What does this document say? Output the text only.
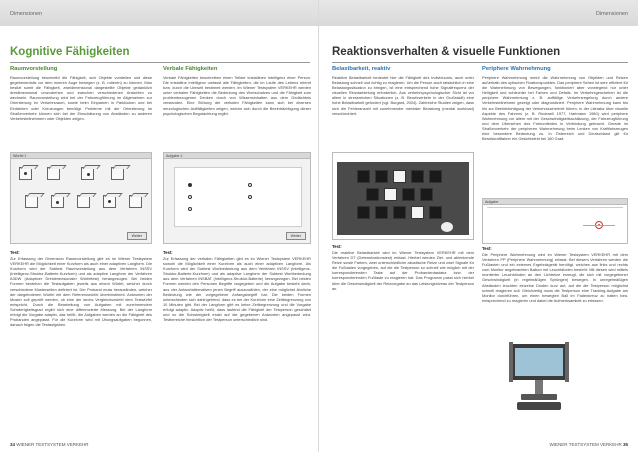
Dimensionen
Kognitive Fähigkeiten
Raumvorstellung
Raumvorstellung beschreibt die Fähigkeit, sich Objekte vorstellen und diese gegebenenfalls vor dem inneren Auge bewegen (z. B. rotieren) zu können. Man besitzt somit die Fähigkeit, zweidimensional dargestellte Objekte gedanklich dreidimensional umzudrehen und zwischen verschiedenen Ansichten zu wechseln. Raumvorstellung wird bei der Fahrzeugführung im Allgemeinen zur Orientierung im Verkehrsraum, sowie beim Einparken in Parklücken und bei Einfahrten oder Kreuzungen benötigt. Probleme mit der Orientierung im Straßenverkehr können sich bei der Einschätzung von Abständen zu anderen Verkehrsteilnehmern oder Objekten zeigen.
Verbale Fähigkeiten
Verbale Fähigkeiten beschreiben einen Teilder kristallinen Intelligenz einer Person. Die kristalline Intelligenz umfasst alle Fähigkeiten, die im Laufe des Lebens erlernt bzw. durch die Umwelt bestimmt werden. Im Wiener Testsystem VERKEHR werden unter verbalen Fähigkeiten die Bedeutung des Wortschatzes und die Fähigkeit zum problembezogenen Denken durch von Wissensinhalten aus dem Gedächtnis verstanden. Eine Störung der verbalen Fähigkeiten kann sich bei diversen neurologischen Auffälligkeiten zeigen, welche sich durch die Beeinträchtigung dieser psychologischen Begutachtung ergibt.
Würfel 1
Weiter
Aufgabe 1
Weiter
Test:
Zur Erfassung der Dimension Raumvorstellung gibt es im Wiener Testsystem VERKEHR die Möglichkeit einer Kurzform als auch einer adaptiven Langform. Die Kurzform wird der Subtest Raumvorstellung aus dem Verfahren INSSV (Intelligenz-Struktur-Batterie-Kurzform) und als adaptive Langform der Verfahren A3DW (Adaptiver Dreidimensionaler Würfeltest) herangezogen. Bei beiden Formen bestehen die Testaufgaben jeweils aus einem Würfel, welcher durch verschiedene Musterseiten definiert ist. Der Proband muss herausfinden, welcher der dargebotenen Würfel mit dem Referenzwürfel übereinstimmt. Antworten der Muster soll geprüft werden, ob eine der sechs Vergleichswürfel dem Testwürfel entspricht. Durch die Bearbeitung von Aufgaben mit zunehmendem Schwierigkeitsgrad ergibt sich eine differenzierte Messung. Bei der Langform erfolgt die Vorgabe adaptiv, das heißt, die Aufgaben werden an die Fähigkeit des Probanden angepasst. Für die Kurzform wird mit Übungsaufgaben begonnen, danach folgen die Testaufgaben.
Test:
Zur Erfassung der verbalen Fähigkeiten gibt es im Wiener Testsystem VERKEHR sowohl die Möglichkeit einer Kurzform als auch einer adaptiven Langform. Als Kurzform wird der Subtest Wortbedeutung aus dem Verfahren INSSV (Intelligenz-Struktur-Batterie-Kurzform) und als adaptive Langform der Subtest Wortbedeutung aus dem Verfahren INSBAT (Intelligenz-Struktur-Batterie) herangezogen. Bei beiden Formen werden den Personen Begriffe vorgegeben und die Aufgabe besteht darin, aus vier Antwortalternativen jenen Begriff auszuwählen, der eine möglichst ähnliche Bedeutung wie der vorgegebene Anfangsbegriff hat. Die beiden Formen unterscheiden sich dahingehend, dass es bei der Kurzform eine Zeitbegrenzung von 10 Minuten gibt. Bei der Langform gibt es keine Zeitbegrenzung und die Vorgabe erfolgt adaptiv. Adaptiv heißt, dass laufend die Fähigkeit der Testperson geschätzt und so die Schwierigkeit exakt auf die gegebenen Antworten angepasst wird. Testbereiche hinsichtlich der Testperson unterschiedlich sind.
34 WIENER TESTSYSTEM VERKEHR
Dimensionen
Reaktionsverhalten & visuelle Funktionen
Belastbarkeit, reaktiv
Reaktive Belastbarkeit bedeutet hier die Fähigkeit des Individuums, auch unter Belastung schnell und richtig zu reagieren. Um die Person auch tatsächlich in eine Belastungssituation zu bringen, ist eine entsprechend hohe Signalfrequenz der visuellen Reizdarbietung erforderlich. Aus verkehrspsychologischer Sicht ist vor allem in stressreichen Situationen (z. B. Berufsverkehr in der Großstadt) eine hohe Belastbarkeit gefordert (vgl. Burgard, 2004). Zahlreiche Studien zeigen, dass sich die Fehleranzahl mit zunehmender mentaler Belastung (mental workload) verschlechtert.
Periphere Wahrnehmung
Periphere Wahrnehmung meint die Wahrnehmung von Objekten und Reizen außerhalb des optischen Fixationspunktes. Das periphere Sehen ist sehr effizient für die Wahrnehmung von Bewegungen, funktioniert aber vorwiegend nur unter Helligkeit und schlechter bei Farben und Details. Im Verkehrsgeschehen ist die periphere Wahrnehmung z. B. auffällige Verkehrsregelung durch andere Verkehrsteilnehmer gezeigt oder diagnostiziert. Periphere Wahrnehmung kann bis hin zur Beeinträchtigung der Verkehrssicherheit führen. In der Literatur über visuelle Aspekte des Fahrens (z. B. Rockwell 1977, Hartmann 1980) wird periphere Wahrnehmung vor allem mit der Geschwindigkeitsschätzung, der Fahrzeugführung und dem Übersehen des Fahrumfeldes in Verbindung gebracht. Gerade im Straßenverkehr der peripheren Wahrnehmung beim Lenken von Kraftfahrzeugen eine besondere Bedeutung zu. In Österreich und Deutschland gilt für Berufskraftfahrer ein Gesichtsfeld bei 160 Grad.
Aufgabe
Test:
Die reaktive Belastbarkeit wird im Wiener Testsystem VERKEHR mit dem Verfahren DT (Determinationstest) erfasst. Hierbei werden Ziel- und ablenkende Reize sowie Farben, zwei unterschiedliche akustische Reize und zwei Signale für die Fußtasten vorgegeben, auf die die Testperson so schnell wie möglich mit der korrespondierenden Taste auf der Probandentastatur bzw. der korrespondierenden Fußtaste zu reagieren hat. Das Programm passt sich hierbei über die Geschwindigkeit der Reizvorgabe an das Leistungsniveau der Testperson an.
Test:
Die Periphere Wahrnehmung wird im Wiener Testsystem VERKEHR mit dem Verfahren PP (Periphere Wahrnehmung) erfasst. Bei diesem Verfahren werden die Fußtasten und ein externes Ergebnisgerät benötigt, welches aus links und rechts vom Monitor angebrachten Balken mit Leuchtdioden besteht. Mit diesen wird mittels montierter Leuchtdioden an den Lichtreize erzeugt, die sich mit vorgegebener Geschwindigkeit (in regelmäßigen Sprüngen) bewegen. In unregelmäßigen Abständen leuchten einzelne Dioden kurz auf, auf die die Testperson möglichst schnell reagieren soll. Gleichzeitig muss die Testperson eine Tracking-Aufgabe am Monitor durchführen, um einen bewegten Ball im Fadenkreuz zu halten bzw. entsprechend zu reagieren und dabei die Aufmerksamkeit zu erfassen.
WIENER TESTSYSTEM VERKEHR 35
